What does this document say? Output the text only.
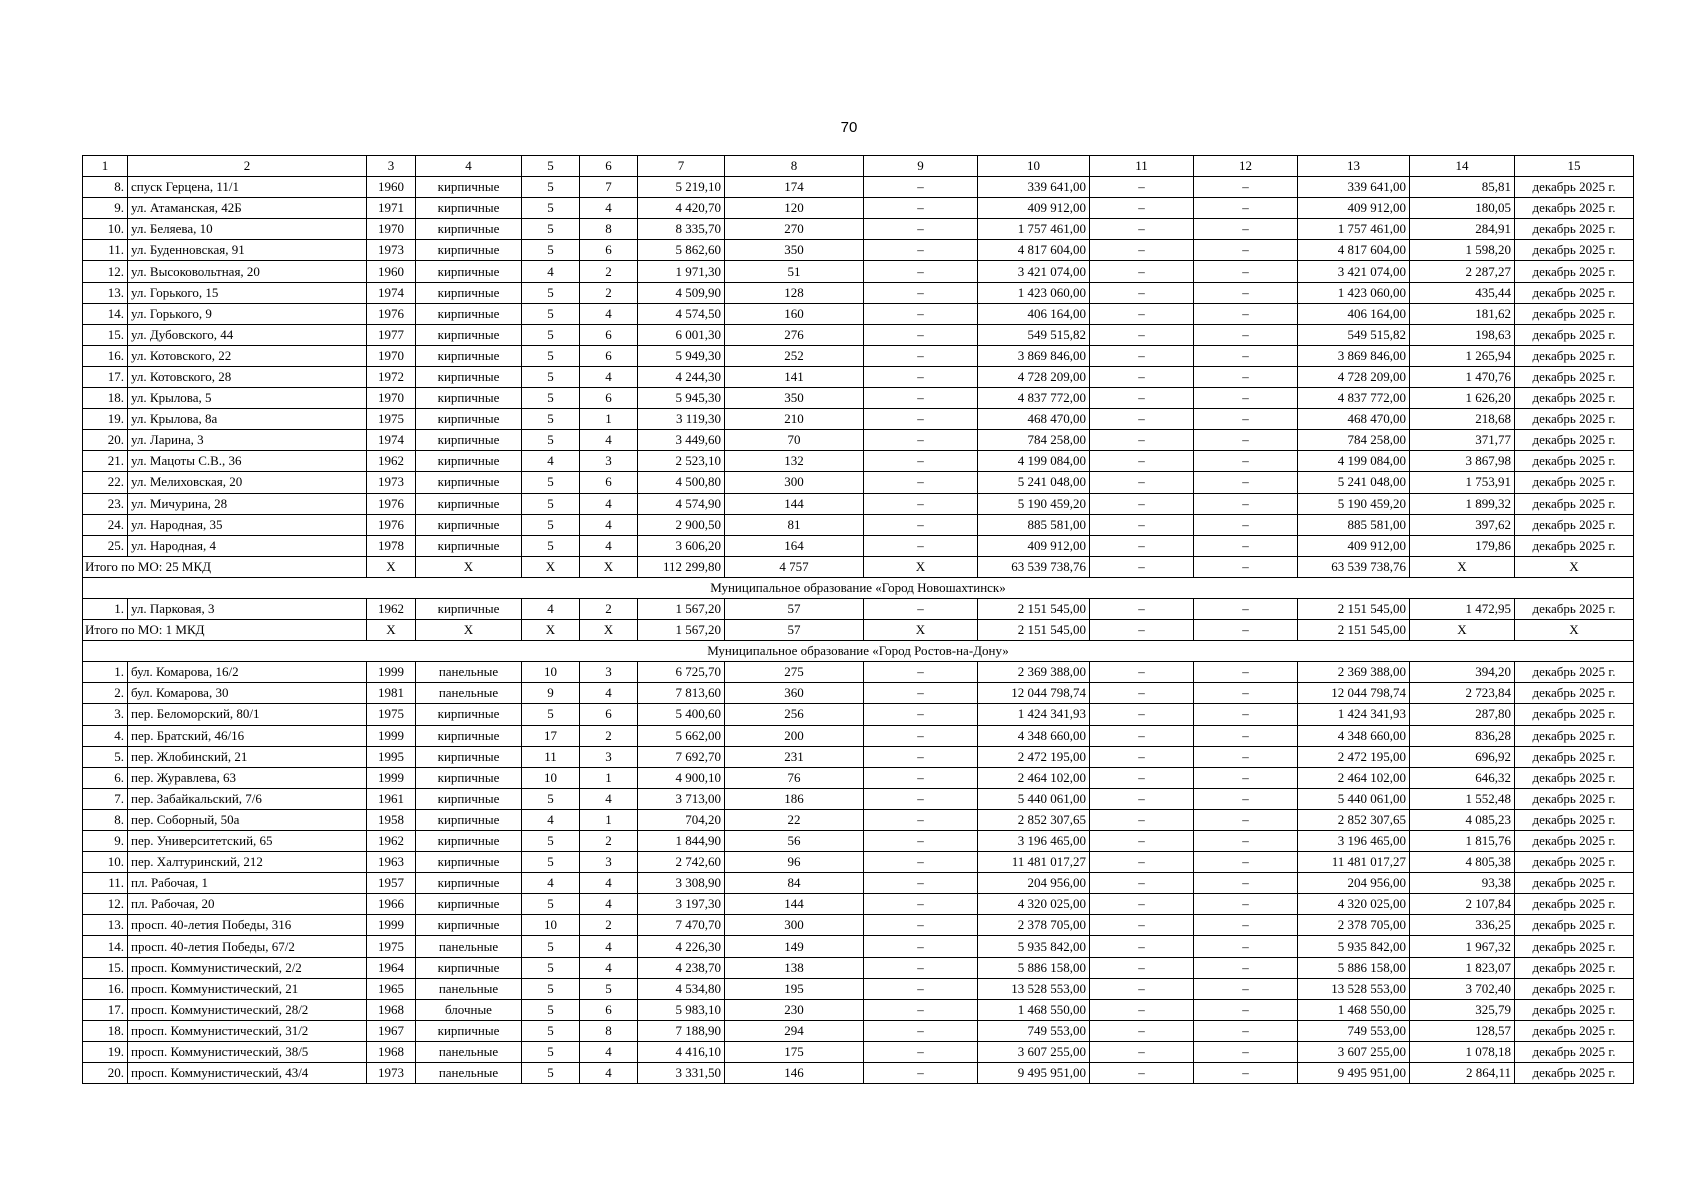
70
1	2	3	4	5	6	7	8	9	10	11	12	13	14	15
8.	спуск Герцена, 11/1	1960	кирпичные	5	7	5 219,10	174	–	339 641,00	–	–	339 641,00	85,81	декабрь 2025 г.
9.	ул. Атаманская, 42Б	1971	кирпичные	5	4	4 420,70	120	–	409 912,00	–	–	409 912,00	180,05	декабрь 2025 г.
10.	ул. Беляева, 10	1970	кирпичные	5	8	8 335,70	270	–	1 757 461,00	–	–	1 757 461,00	284,91	декабрь 2025 г.
11.	ул. Буденновская, 91	1973	кирпичные	5	6	5 862,60	350	–	4 817 604,00	–	–	4 817 604,00	1 598,20	декабрь 2025 г.
12.	ул. Высоковольтная, 20	1960	кирпичные	4	2	1 971,30	51	–	3 421 074,00	–	–	3 421 074,00	2 287,27	декабрь 2025 г.
13.	ул. Горького, 15	1974	кирпичные	5	2	4 509,90	128	–	1 423 060,00	–	–	1 423 060,00	435,44	декабрь 2025 г.
14.	ул. Горького, 9	1976	кирпичные	5	4	4 574,50	160	–	406 164,00	–	–	406 164,00	181,62	декабрь 2025 г.
15.	ул. Дубовского, 44	1977	кирпичные	5	6	6 001,30	276	–	549 515,82	–	–	549 515,82	198,63	декабрь 2025 г.
16.	ул. Котовского, 22	1970	кирпичные	5	6	5 949,30	252	–	3 869 846,00	–	–	3 869 846,00	1 265,94	декабрь 2025 г.
17.	ул. Котовского, 28	1972	кирпичные	5	4	4 244,30	141	–	4 728 209,00	–	–	4 728 209,00	1 470,76	декабрь 2025 г.
18.	ул. Крылова, 5	1970	кирпичные	5	6	5 945,30	350	–	4 837 772,00	–	–	4 837 772,00	1 626,20	декабрь 2025 г.
19.	ул. Крылова, 8а	1975	кирпичные	5	1	3 119,30	210	–	468 470,00	–	–	468 470,00	218,68	декабрь 2025 г.
20.	ул. Ларина, 3	1974	кирпичные	5	4	3 449,60	70	–	784 258,00	–	–	784 258,00	371,77	декабрь 2025 г.
21.	ул. Мацоты С.В., 36	1962	кирпичные	4	3	2 523,10	132	–	4 199 084,00	–	–	4 199 084,00	3 867,98	декабрь 2025 г.
22.	ул. Мелиховская, 20	1973	кирпичные	5	6	4 500,80	300	–	5 241 048,00	–	–	5 241 048,00	1 753,91	декабрь 2025 г.
23.	ул. Мичурина, 28	1976	кирпичные	5	4	4 574,90	144	–	5 190 459,20	–	–	5 190 459,20	1 899,32	декабрь 2025 г.
24.	ул. Народная, 35	1976	кирпичные	5	4	2 900,50	81	–	885 581,00	–	–	885 581,00	397,62	декабрь 2025 г.
25.	ул. Народная, 4	1978	кирпичные	5	4	3 606,20	164	–	409 912,00	–	–	409 912,00	179,86	декабрь 2025 г.
Итого по МО: 25 МКД		X	X	X	X	112 299,80	4 757	X	63 539 738,76	–	–	63 539 738,76	X	X
Муниципальное образование «Город Новошахтинск»														
1.	ул. Парковая, 3	1962	кирпичные	4	2	1 567,20	57	–	2 151 545,00	–	–	2 151 545,00	1 472,95	декабрь 2025 г.
Итого по МО: 1 МКД		X	X	X	X	1 567,20	57	X	2 151 545,00	–	–	2 151 545,00	X	X
Муниципальное образование «Город Ростов-на-Дону»														
1.	бул. Комарова, 16/2	1999	панельные	10	3	6 725,70	275	–	2 369 388,00	–	–	2 369 388,00	394,20	декабрь 2025 г.
2.	бул. Комарова, 30	1981	панельные	9	4	7 813,60	360	–	12 044 798,74	–	–	12 044 798,74	2 723,84	декабрь 2025 г.
3.	пер. Беломорский, 80/1	1975	кирпичные	5	6	5 400,60	256	–	1 424 341,93	–	–	1 424 341,93	287,80	декабрь 2025 г.
4.	пер. Братский, 46/16	1999	кирпичные	17	2	5 662,00	200	–	4 348 660,00	–	–	4 348 660,00	836,28	декабрь 2025 г.
5.	пер. Жлобинский, 21	1995	кирпичные	11	3	7 692,70	231	–	2 472 195,00	–	–	2 472 195,00	696,92	декабрь 2025 г.
6.	пер. Журавлева, 63	1999	кирпичные	10	1	4 900,10	76	–	2 464 102,00	–	–	2 464 102,00	646,32	декабрь 2025 г.
7.	пер. Забайкальский, 7/6	1961	кирпичные	5	4	3 713,00	186	–	5 440 061,00	–	–	5 440 061,00	1 552,48	декабрь 2025 г.
8.	пер. Соборный, 50а	1958	кирпичные	4	1	704,20	22	–	2 852 307,65	–	–	2 852 307,65	4 085,23	декабрь 2025 г.
9.	пер. Университетский, 65	1962	кирпичные	5	2	1 844,90	56	–	3 196 465,00	–	–	3 196 465,00	1 815,76	декабрь 2025 г.
10.	пер. Халтуринский, 212	1963	кирпичные	5	3	2 742,60	96	–	11 481 017,27	–	–	11 481 017,27	4 805,38	декабрь 2025 г.
11.	пл. Рабочая, 1	1957	кирпичные	4	4	3 308,90	84	–	204 956,00	–	–	204 956,00	93,38	декабрь 2025 г.
12.	пл. Рабочая, 20	1966	кирпичные	5	4	3 197,30	144	–	4 320 025,00	–	–	4 320 025,00	2 107,84	декабрь 2025 г.
13.	просп. 40-летия Победы, 316	1999	кирпичные	10	2	7 470,70	300	–	2 378 705,00	–	–	2 378 705,00	336,25	декабрь 2025 г.
14.	просп. 40-летия Победы, 67/2	1975	панельные	5	4	4 226,30	149	–	5 935 842,00	–	–	5 935 842,00	1 967,32	декабрь 2025 г.
15.	просп. Коммунистический, 2/2	1964	кирпичные	5	4	4 238,70	138	–	5 886 158,00	–	–	5 886 158,00	1 823,07	декабрь 2025 г.
16.	просп. Коммунистический, 21	1965	панельные	5	5	4 534,80	195	–	13 528 553,00	–	–	13 528 553,00	3 702,40	декабрь 2025 г.
17.	просп. Коммунистический, 28/2	1968	блочные	5	6	5 983,10	230	–	1 468 550,00	–	–	1 468 550,00	325,79	декабрь 2025 г.
18.	просп. Коммунистический, 31/2	1967	кирпичные	5	8	7 188,90	294	–	749 553,00	–	–	749 553,00	128,57	декабрь 2025 г.
19.	просп. Коммунистический, 38/5	1968	панельные	5	4	4 416,10	175	–	3 607 255,00	–	–	3 607 255,00	1 078,18	декабрь 2025 г.
20.	просп. Коммунистический, 43/4	1973	панельные	5	4	3 331,50	146	–	9 495 951,00	–	–	9 495 951,00	2 864,11	декабрь 2025 г.
